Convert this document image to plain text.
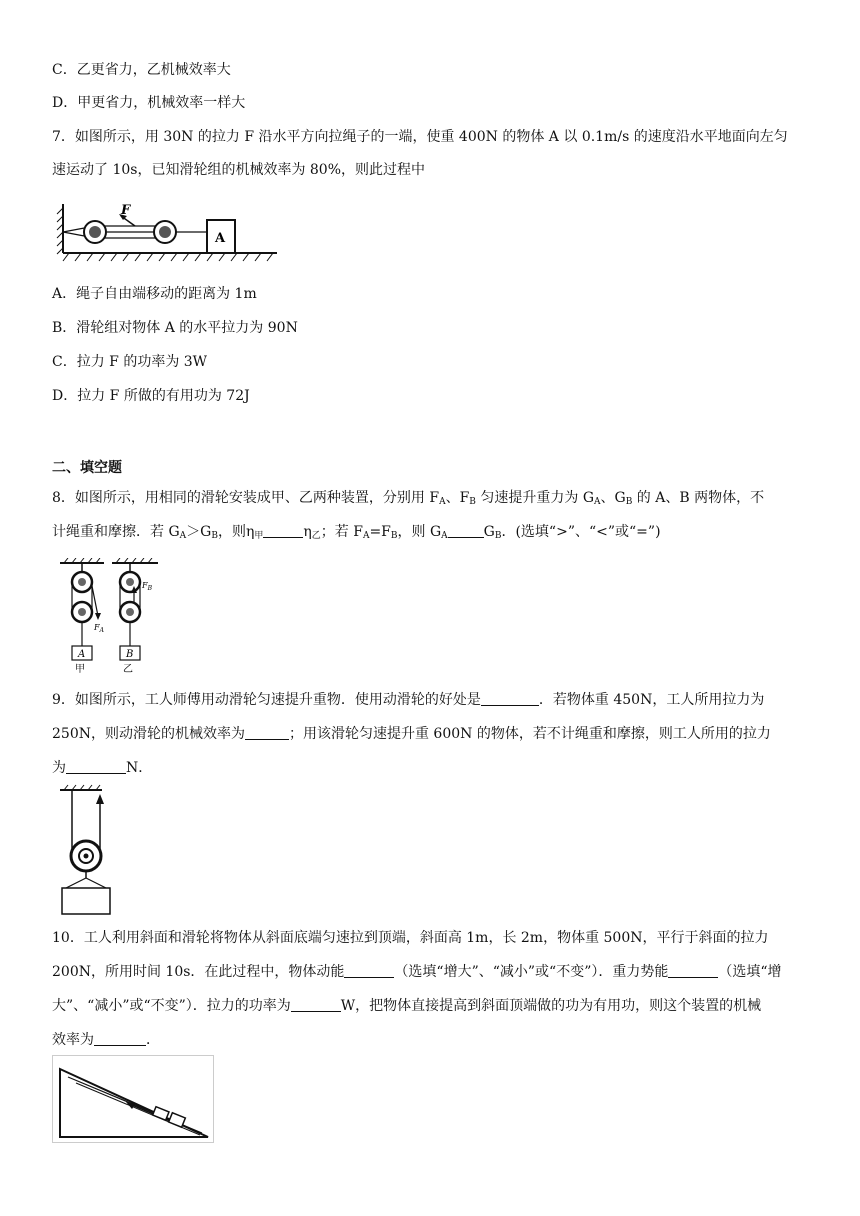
C．乙更省力，乙机械效率大
D．甲更省力，机械效率一样大
7．如图所示，用 30N 的拉力 F 沿水平方向拉绳子的一端，使重 400N 的物体 A 以 0.1m/s 的速度沿水平地面向左匀
速运动了 10s，已知滑轮组的机械效率为 80%，则此过程中
F
A
A．绳子自由端移动的距离为 1m
B．滑轮组对物体 A 的水平拉力为 90N
C．拉力 F 的功率为 3W
D．拉力 F 所做的有用功为 72J
二、填空题
8．如图所示，用相同的滑轮安装成甲、乙两种装置，分别用 $F_A$、$F_B$ 匀速提升重力为 $G_A$、$G_B$ 的 A、B 两物体，不
计绳重和摩擦．若 $G_A>G_B$，则$\eta_甲$	$\eta_乙$；若 $F_A=F_B$，则 $G_A$	$G_B$．(选填“>”、“<”或“=”)
$F_A$
A
甲
$F_B$
B
乙
9．如图所示，工人师傅用动滑轮匀速提升重物．使用动滑轮的好处是	．若物体重 450N，工人所用拉力为
250N，则动滑轮的机械效率为	；用该滑轮匀速提升重 600N 的物体，若不计绳重和摩擦，则工人所用的拉力
为	N．
10．工人利用斜面和滑轮将物体从斜面底端匀速拉到顶端，斜面高 1m，长 2m，物体重 500N，平行于斜面的拉力
200N，所用时间 10s．在此过程中，物体动能	（选填“增大”、“减小”或“不变”）．重力势能	（选填“增
大”、“减小”或“不变”）．拉力的功率为	W，把物体直接提高到斜面顶端做的功为有用功，则这个装置的机械
效率为	．
